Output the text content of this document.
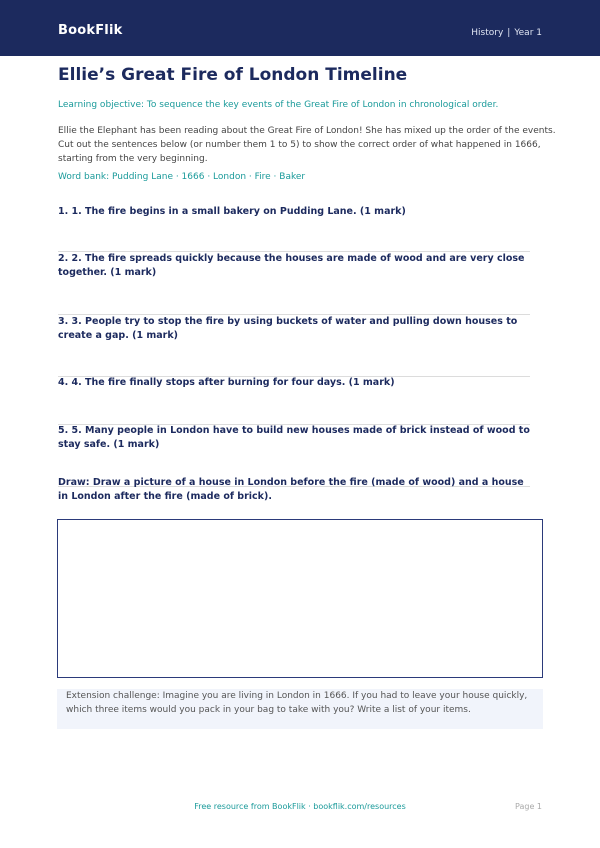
BookFlik	History | Year 1
Ellie’s Great Fire of London Timeline
Learning objective: To sequence the key events of the Great Fire of London in chronological order.
Ellie the Elephant has been reading about the Great Fire of London! She has mixed up the order of the events. Cut out the sentences below (or number them 1 to 5) to show the correct order of what happened in 1666, starting from the very beginning.
Word bank: Pudding Lane · 1666 · London · Fire · Baker
1. 1. The fire begins in a small bakery on Pudding Lane. (1 mark)
2. 2. The fire spreads quickly because the houses are made of wood and are very close together. (1 mark)
3. 3. People try to stop the fire by using buckets of water and pulling down houses to create a gap. (1 mark)
4. 4. The fire finally stops after burning for four days. (1 mark)
5. 5. Many people in London have to build new houses made of brick instead of wood to stay safe. (1 mark)
Draw: Draw a picture of a house in London before the fire (made of wood) and a house in London after the fire (made of brick).
Extension challenge: Imagine you are living in London in 1666. If you had to leave your house quickly, which three items would you pack in your bag to take with you? Write a list of your items.
Free resource from BookFlik · bookflik.com/resources	Page 1
